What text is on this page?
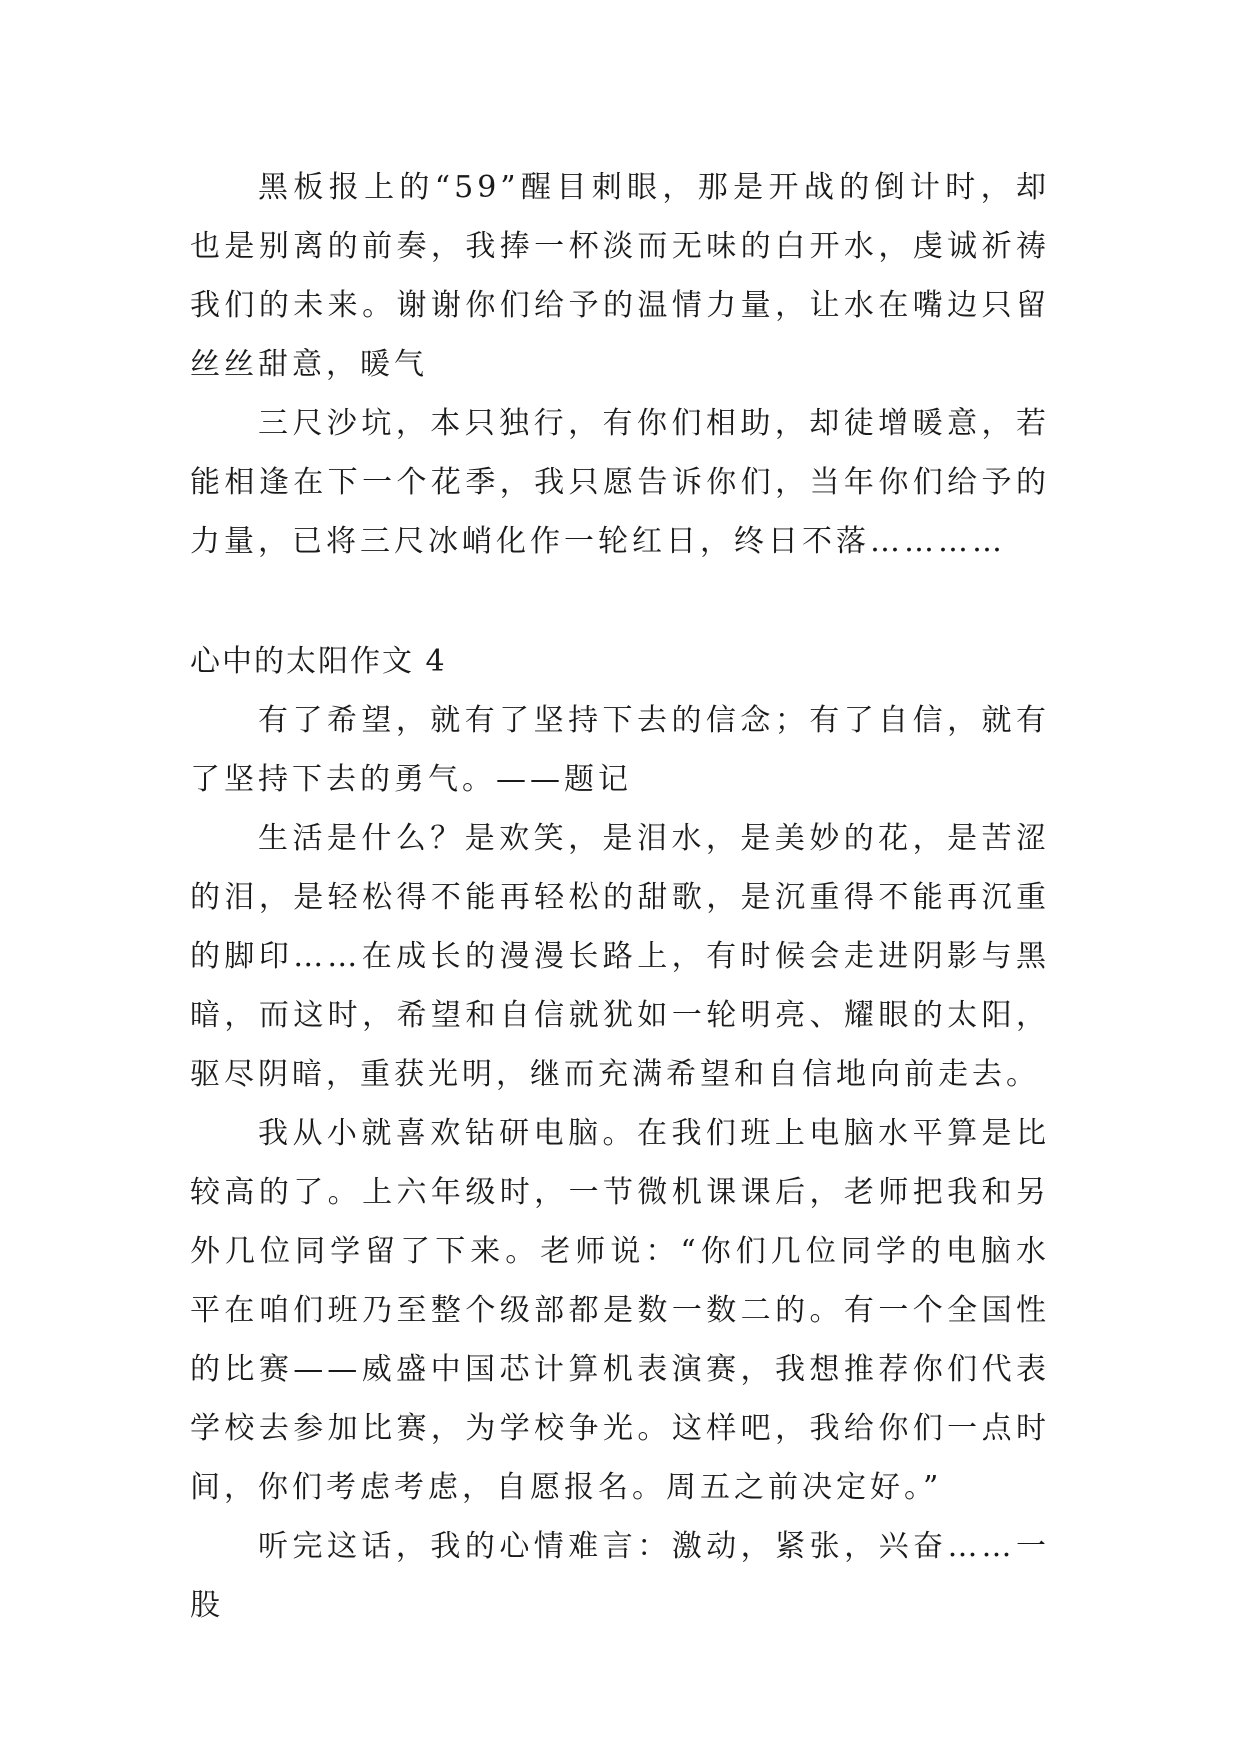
黑板报上的“59”醒目刺眼，那是开战的倒计时，却也是别离的前奏，我捧一杯淡而无味的白开水，虔诚祈祷我们的未来。谢谢你们给予的温情力量，让水在嘴边只留丝丝甜意，暖气

三尺沙坑，本只独行，有你们相助，却徒增暖意，若能相逢在下一个花季，我只愿告诉你们，当年你们给予的力量，已将三尺冰峭化作一轮红日，终日不落…………

心中的太阳作文 4

有了希望，就有了坚持下去的信念；有了自信，就有了坚持下去的勇气。——题记

生活是什么？是欢笑，是泪水，是美妙的花，是苦涩的泪，是轻松得不能再轻松的甜歌，是沉重得不能再沉重的脚印……在成长的漫漫长路上，有时候会走进阴影与黑暗，而这时，希望和自信就犹如一轮明亮、耀眼的太阳，驱尽阴暗，重获光明，继而充满希望和自信地向前走去。

我从小就喜欢钻研电脑。在我们班上电脑水平算是比较高的了。上六年级时，一节微机课课后，老师把我和另外几位同学留了下来。老师说：“你们几位同学的电脑水平在咱们班乃至整个级部都是数一数二的。有一个全国性的比赛——威盛中国芯计算机表演赛，我想推荐你们代表学校去参加比赛，为学校争光。这样吧，我给你们一点时间，你们考虑考虑，自愿报名。周五之前决定好。”

听完这话，我的心情难言：激动，紧张，兴奋……一股
